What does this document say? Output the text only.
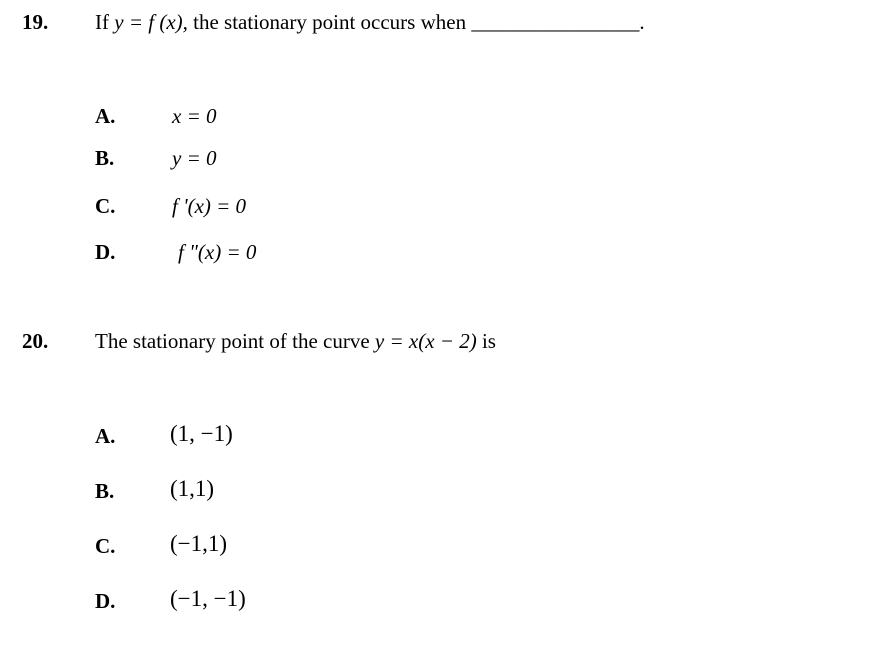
19. If y = f (x), the stationary point occurs when ________________.
A.	x = 0
B.	y = 0
C.	f '(x) = 0
D.	f "(x) = 0
20. The stationary point of the curve y = x(x − 2) is
A. (1, −1)
B. (1,1)
C. (−1,1)
D. (−1, −1)
